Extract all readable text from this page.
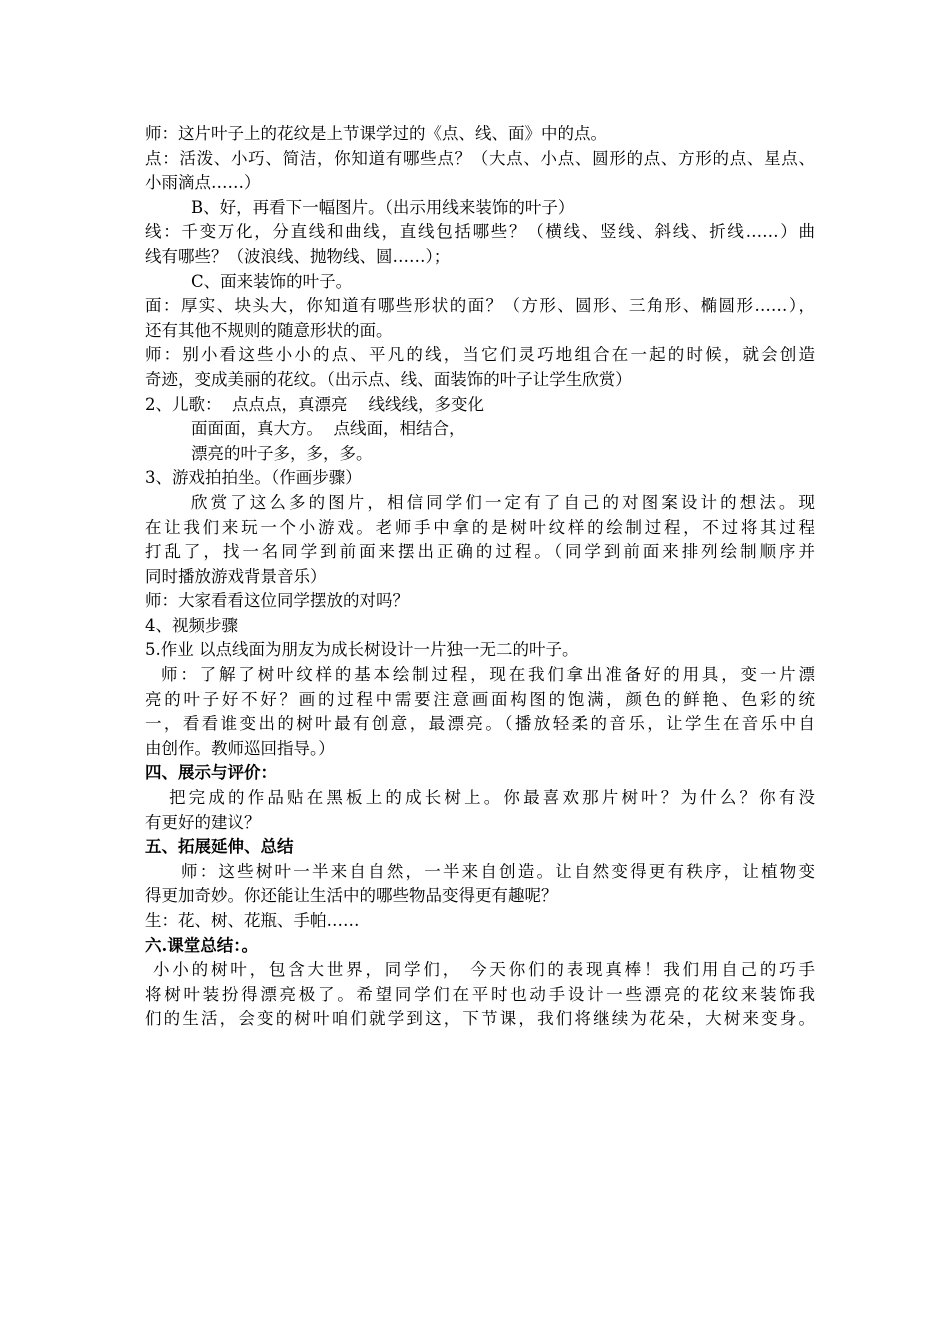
师：这片叶子上的花纹是上节课学过的《点、线、面》中的点。
点：活泼、小巧、简洁，你知道有哪些点？（大点、小点、圆形的点、方形的点、星点、
小雨滴点……）
B、好，再看下一幅图片。（出示用线来装饰的叶子）
线：千变万化，分直线和曲线，直线包括哪些？（横线、竖线、斜线、折线……）曲
线有哪些？（波浪线、抛物线、圆……）；
C、面来装饰的叶子。
面：厚实、块头大，你知道有哪些形状的面？（方形、圆形、三角形、椭圆形……），
还有其他不规则的随意形状的面。
师：别小看这些小小的点、平凡的线，当它们灵巧地组合在一起的时候，就会创造
奇迹，变成美丽的花纹。（出示点、线、面装饰的叶子让学生欣赏）
2、儿歌：  点点点，真漂亮    线线线，多变化
面面面，真大方。  点线面，相结合，
漂亮的叶子多，多，多。
3、游戏拍拍坐。（作画步骤）
欣赏了这么多的图片，相信同学们一定有了自己的对图案设计的想法。现
在让我们来玩一个小游戏。老师手中拿的是树叶纹样的绘制过程，不过将其过程
打乱了，找一名同学到前面来摆出正确的过程。（同学到前面来排列绘制顺序并
同时播放游戏背景音乐）
师：大家看看这位同学摆放的对吗？
4、视频步骤
5.作业 以点线面为朋友为成长树设计一片独一无二的叶子。
师：了解了树叶纹样的基本绘制过程，现在我们拿出准备好的用具，变一片漂
亮的叶子好不好？画的过程中需要注意画面构图的饱满，颜色的鲜艳、色彩的统
一，看看谁变出的树叶最有创意，最漂亮。（播放轻柔的音乐，让学生在音乐中自
由创作。教师巡回指导。）
四、展示与评价：
把完成的作品贴在黑板上的成长树上。你最喜欢那片树叶？为什么？你有没
有更好的建议？
五、拓展延伸、总结
师：这些树叶一半来自自然，一半来自创造。让自然变得更有秩序，让植物变
得更加奇妙。你还能让生活中的哪些物品变得更有趣呢？
生：花、树、花瓶、手帕……
六.课堂总结：。
小小的树叶，包含大世界，同学们， 今天你们的表现真棒！我们用自己的巧手
将树叶装扮得漂亮极了。希望同学们在平时也动手设计一些漂亮的花纹来装饰我
们的生活，会变的树叶咱们就学到这，下节课，我们将继续为花朵，大树来变身。
